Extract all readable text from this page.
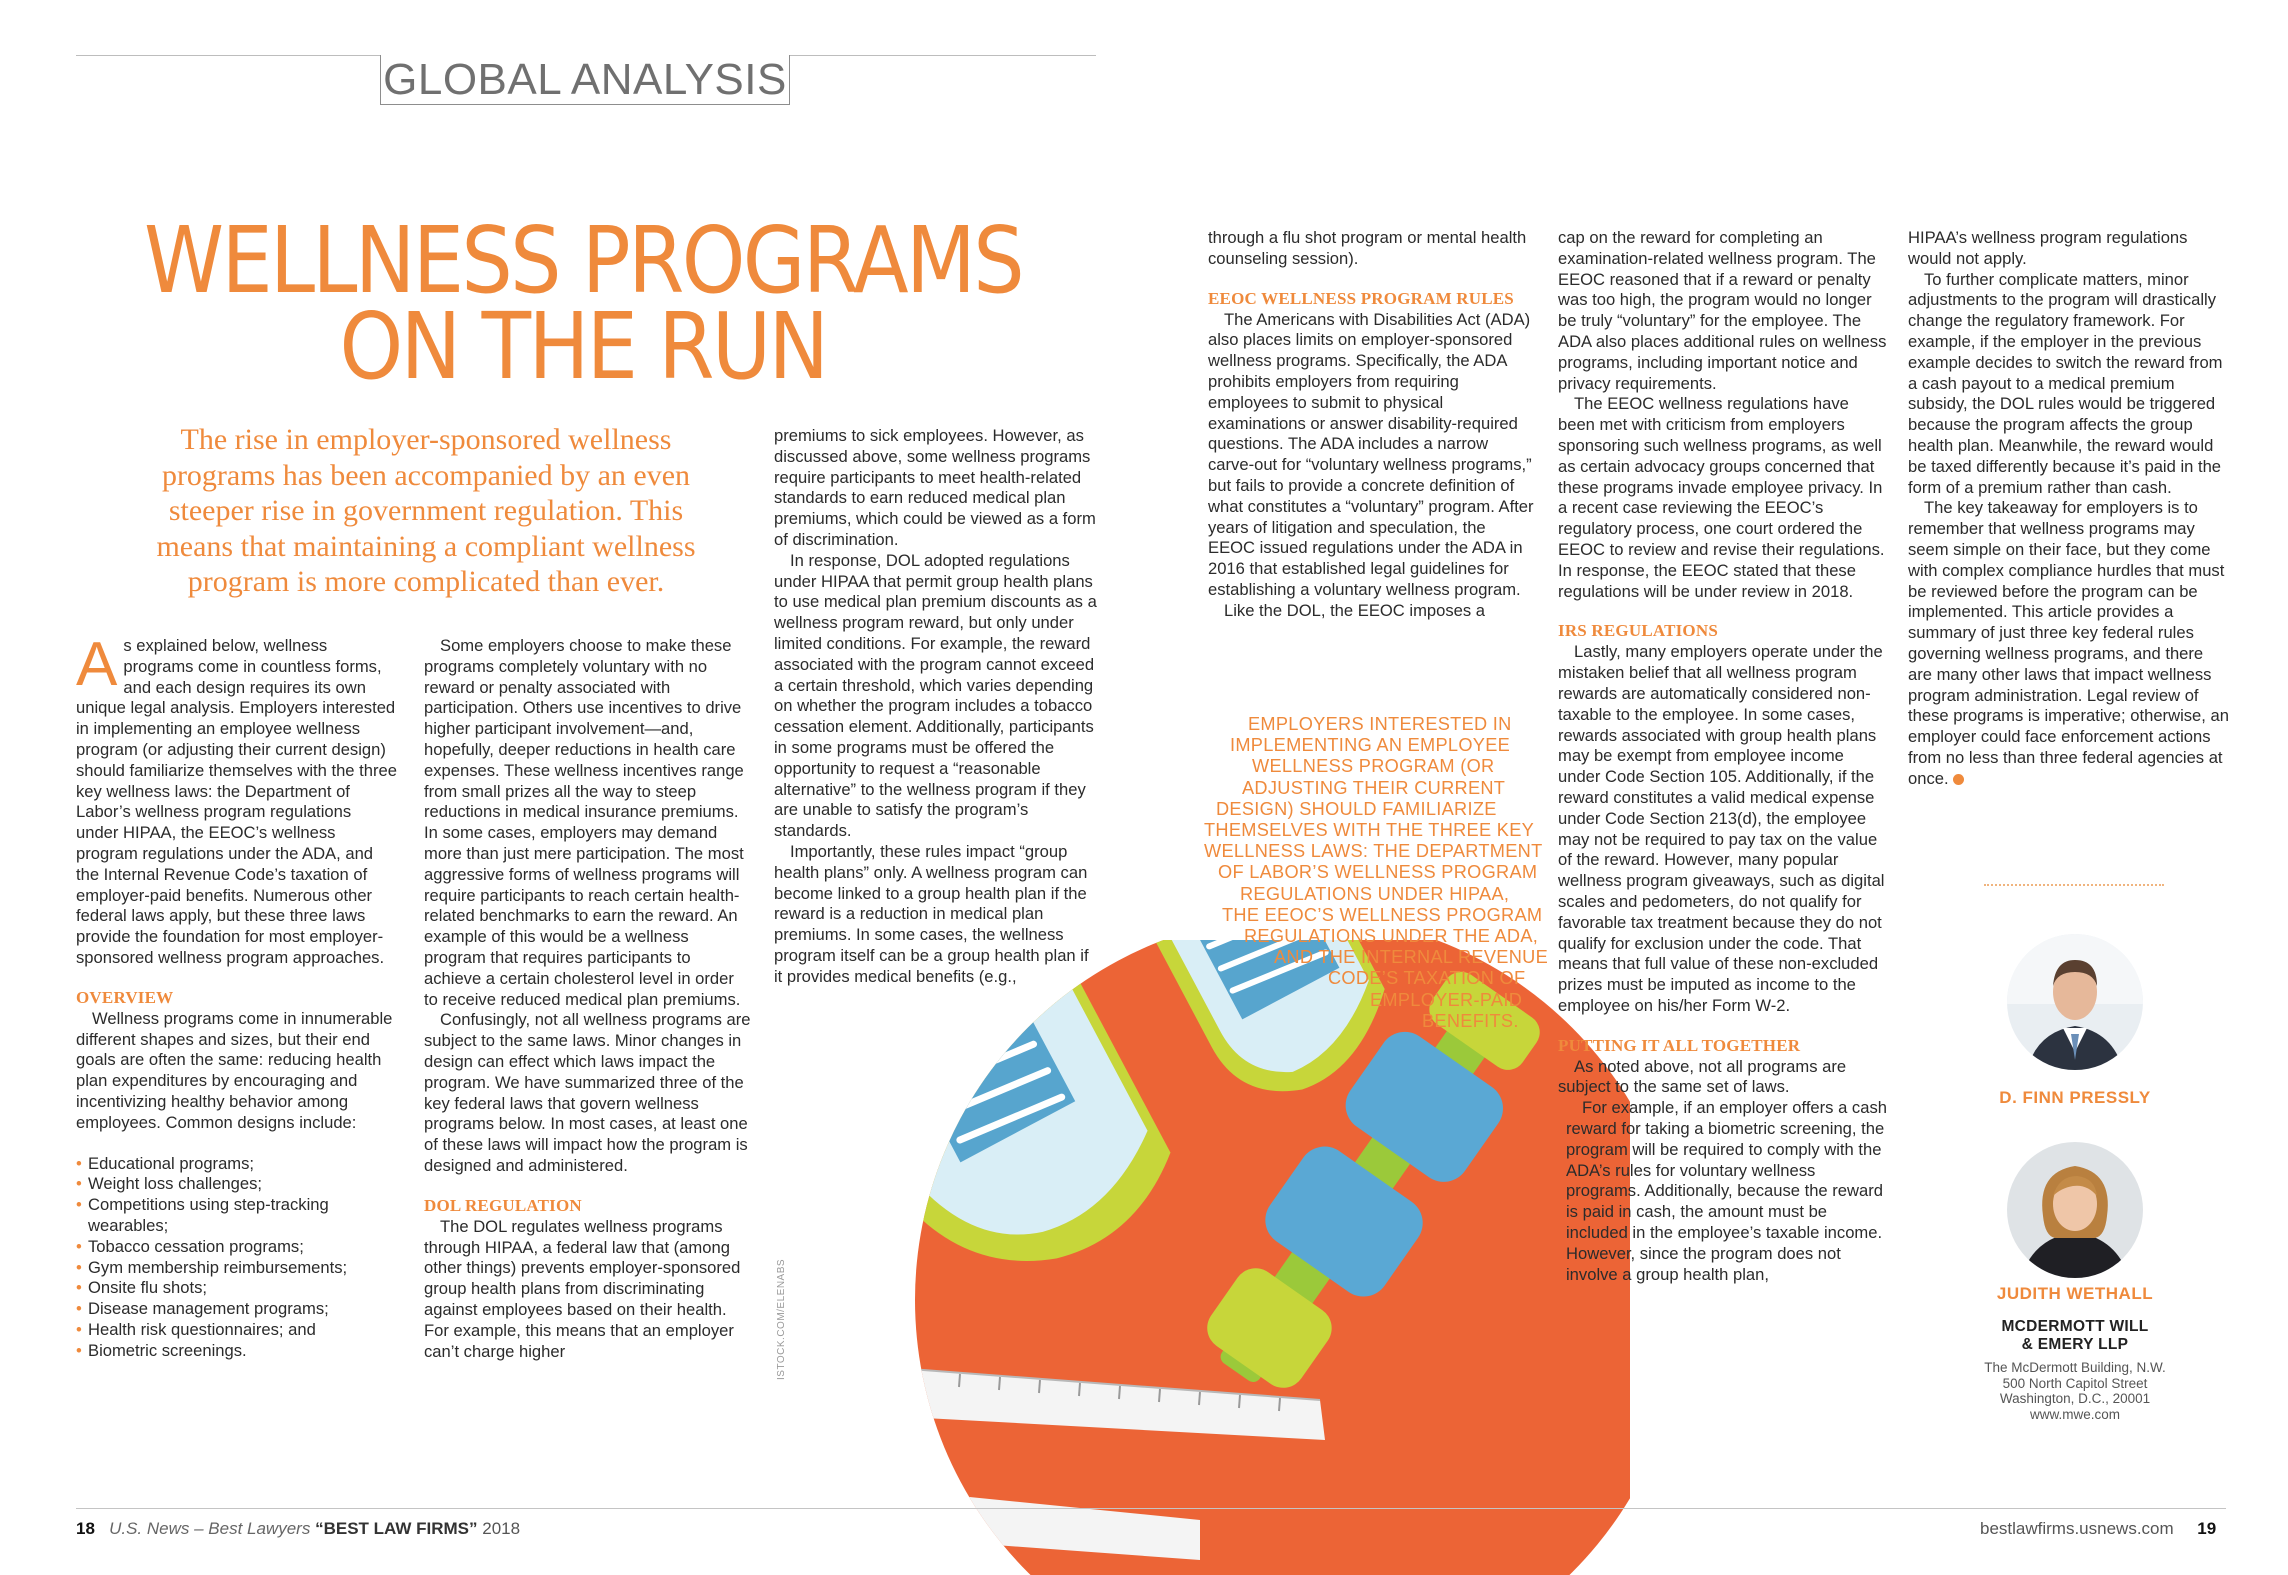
GLOBAL ANALYSIS
WELLNESS PROGRAMS
ON THE RUN
The rise in employer-sponsored wellness
programs has been accompanied by an even
steeper rise in government regulation. This
means that maintaining a compliant wellness
program is more complicated than ever.
ISTOCK.COM/ELENABS

As explained below, wellness programs come in countless forms, and each design requires its own unique legal analysis. Employers interested in implementing an employee wellness program (or adjusting their current design) should familiarize themselves with the three key wellness laws: the Department of Labor’s wellness program regulations under HIPAA, the EEOC’s wellness program regulations under the ADA, and the Internal Revenue Code’s taxation of employer-paid benefits. Numerous other federal laws apply, but these three laws provide the foundation for most employer-sponsored wellness program approaches.

OVERVIEW

Wellness programs come in innumerable different shapes and sizes, but their end goals are often the same: reducing health plan expenditures by encouraging and incentivizing healthy behavior among employees. Common designs include:

• Educational programs;
• Weight loss challenges;
• Competitions using step-tracking wearables;
• Tobacco cessation programs;
• Gym membership reimbursements;
• Onsite flu shots;
• Disease management programs;
• Health risk questionnaires; and
• Biometric screenings.

Some employers choose to make these programs completely voluntary with no reward or penalty associated with participation. Others use incentives to drive higher participant involvement—and, hopefully, deeper reductions in health care expenses. These wellness incentives range from small prizes all the way to steep reductions in medical insurance premiums. In some cases, employers may demand more than just mere participation. The most aggressive forms of wellness programs will require participants to reach certain health-related benchmarks to earn the reward. An example of this would be a wellness program that requires participants to achieve a certain cholesterol level in order to receive reduced medical plan premiums.

Confusingly, not all wellness programs are subject to the same laws. Minor changes in design can effect which laws impact the program. We have summarized three of the key federal laws that govern wellness programs below. In most cases, at least one of these laws will impact how the program is designed and administered.

DOL REGULATION

The DOL regulates wellness programs through HIPAA, a federal law that (among other things) prevents employer-sponsored group health plans from discriminating against employees based on their health. For example, this means that an employer can’t charge higher

premiums to sick employees. However, as discussed above, some wellness programs require participants to meet health-related standards to earn reduced medical plan premiums, which could be viewed as a form of discrimination.

In response, DOL adopted regulations under HIPAA that permit group health plans to use medical plan premium discounts as a wellness program reward, but only under limited conditions. For example, the reward associated with the program cannot exceed a certain threshold, which varies depending on whether the program includes a tobacco cessation element. Additionally, participants in some programs must be offered the opportunity to request a “reasonable alternative” to the wellness program if they are unable to satisfy the program’s standards.

Importantly, these rules impact “group health plans” only. A wellness program can become linked to a group health plan if the reward is a reduction in medical plan premiums. In some cases, the wellness program itself can be a group health plan if it provides medical benefits (e.g.,

through a flu shot program or mental health counseling session).

EEOC WELLNESS PROGRAM RULES

The Americans with Disabilities Act (ADA) also places limits on employer-sponsored wellness programs. Specifically, the ADA prohibits employers from requiring employees to submit to physical examinations or answer disability-required questions. The ADA includes a narrow carve-out for “voluntary wellness programs,” but fails to provide a concrete definition of what constitutes a “voluntary” program. After years of litigation and speculation, the EEOC issued regulations under the ADA in 2016 that established legal guidelines for establishing a voluntary wellness program.

Like the DOL, the EEOC imposes a

EMPLOYERS INTERESTED IN
IMPLEMENTING AN EMPLOYEE
WELLNESS PROGRAM (OR
ADJUSTING THEIR CURRENT
DESIGN) SHOULD FAMILIARIZE
THEMSELVES WITH THE THREE KEY
WELLNESS LAWS: THE DEPARTMENT
OF LABOR’S WELLNESS PROGRAM
REGULATIONS UNDER HIPAA,
THE EEOC’S WELLNESS PROGRAM
REGULATIONS UNDER THE ADA,
AND THE INTERNAL REVENUE
CODE’S TAXATION OF
EMPLOYER-PAID
BENEFITS.

cap on the reward for completing an examination-related wellness program. The EEOC reasoned that if a reward or penalty was too high, the program would no longer be truly “voluntary” for the employee. The ADA also places additional rules on wellness programs, including important notice and privacy requirements.

The EEOC wellness regulations have been met with criticism from employers sponsoring such wellness programs, as well as certain advocacy groups concerned that these programs invade employee privacy. In a recent case reviewing the EEOC’s regulatory process, one court ordered the EEOC to review and revise their regulations. In response, the EEOC stated that these regulations will be under review in 2018.

IRS REGULATIONS

Lastly, many employers operate under the mistaken belief that all wellness program rewards are automatically considered non-taxable to the employee. In some cases, rewards associated with group health plans may be exempt from employee income under Code Section 105. Additionally, if the reward constitutes a valid medical expense under Code Section 213(d), the employee may not be required to pay tax on the value of the reward. However, many popular wellness program giveaways, such as digital scales and pedometers, do not qualify for favorable tax treatment because they do not qualify for exclusion under the code. That means that full value of these non-excluded prizes must be imputed as income to the employee on his/her Form W-2.

PUTTING IT ALL TOGETHER

As noted above, not all programs are subject to the same set of laws.

For example, if an employer offers a cash reward for taking a biometric screening, the program will be required to comply with the ADA’s rules for voluntary wellness programs. Additionally, because the reward is paid in cash, the amount must be included in the employee’s taxable income. However, since the program does not involve a group health plan,

HIPAA’s wellness program regulations would not apply.

To further complicate matters, minor adjustments to the program will drastically change the regulatory framework. For example, if the employer in the previous example decides to switch the reward from a cash payout to a medical premium subsidy, the DOL rules would be triggered because the program affects the group health plan. Meanwhile, the reward would be taxed differently because it’s paid in the form of a premium rather than cash.

The key takeaway for employers is to remember that wellness programs may seem simple on their face, but they come with complex compliance hurdles that must be reviewed before the program can be implemented. This article provides a summary of just three key federal rules governing wellness programs, and there are many other laws that impact wellness program administration. Legal review of these programs is imperative; otherwise, an employer could face enforcement actions from no less than three federal agencies at once.

D. FINN PRESSLY
JUDITH WETHALL
MCDERMOTT WILL
& EMERY LLP
The McDermott Building, N.W.
500 North Capitol Street
Washington, D.C., 20001
www.mwe.com
18 U.S. News – Best Lawyers “BEST LAW FIRMS” 2018	bestlawfirms.usnews.com 19
